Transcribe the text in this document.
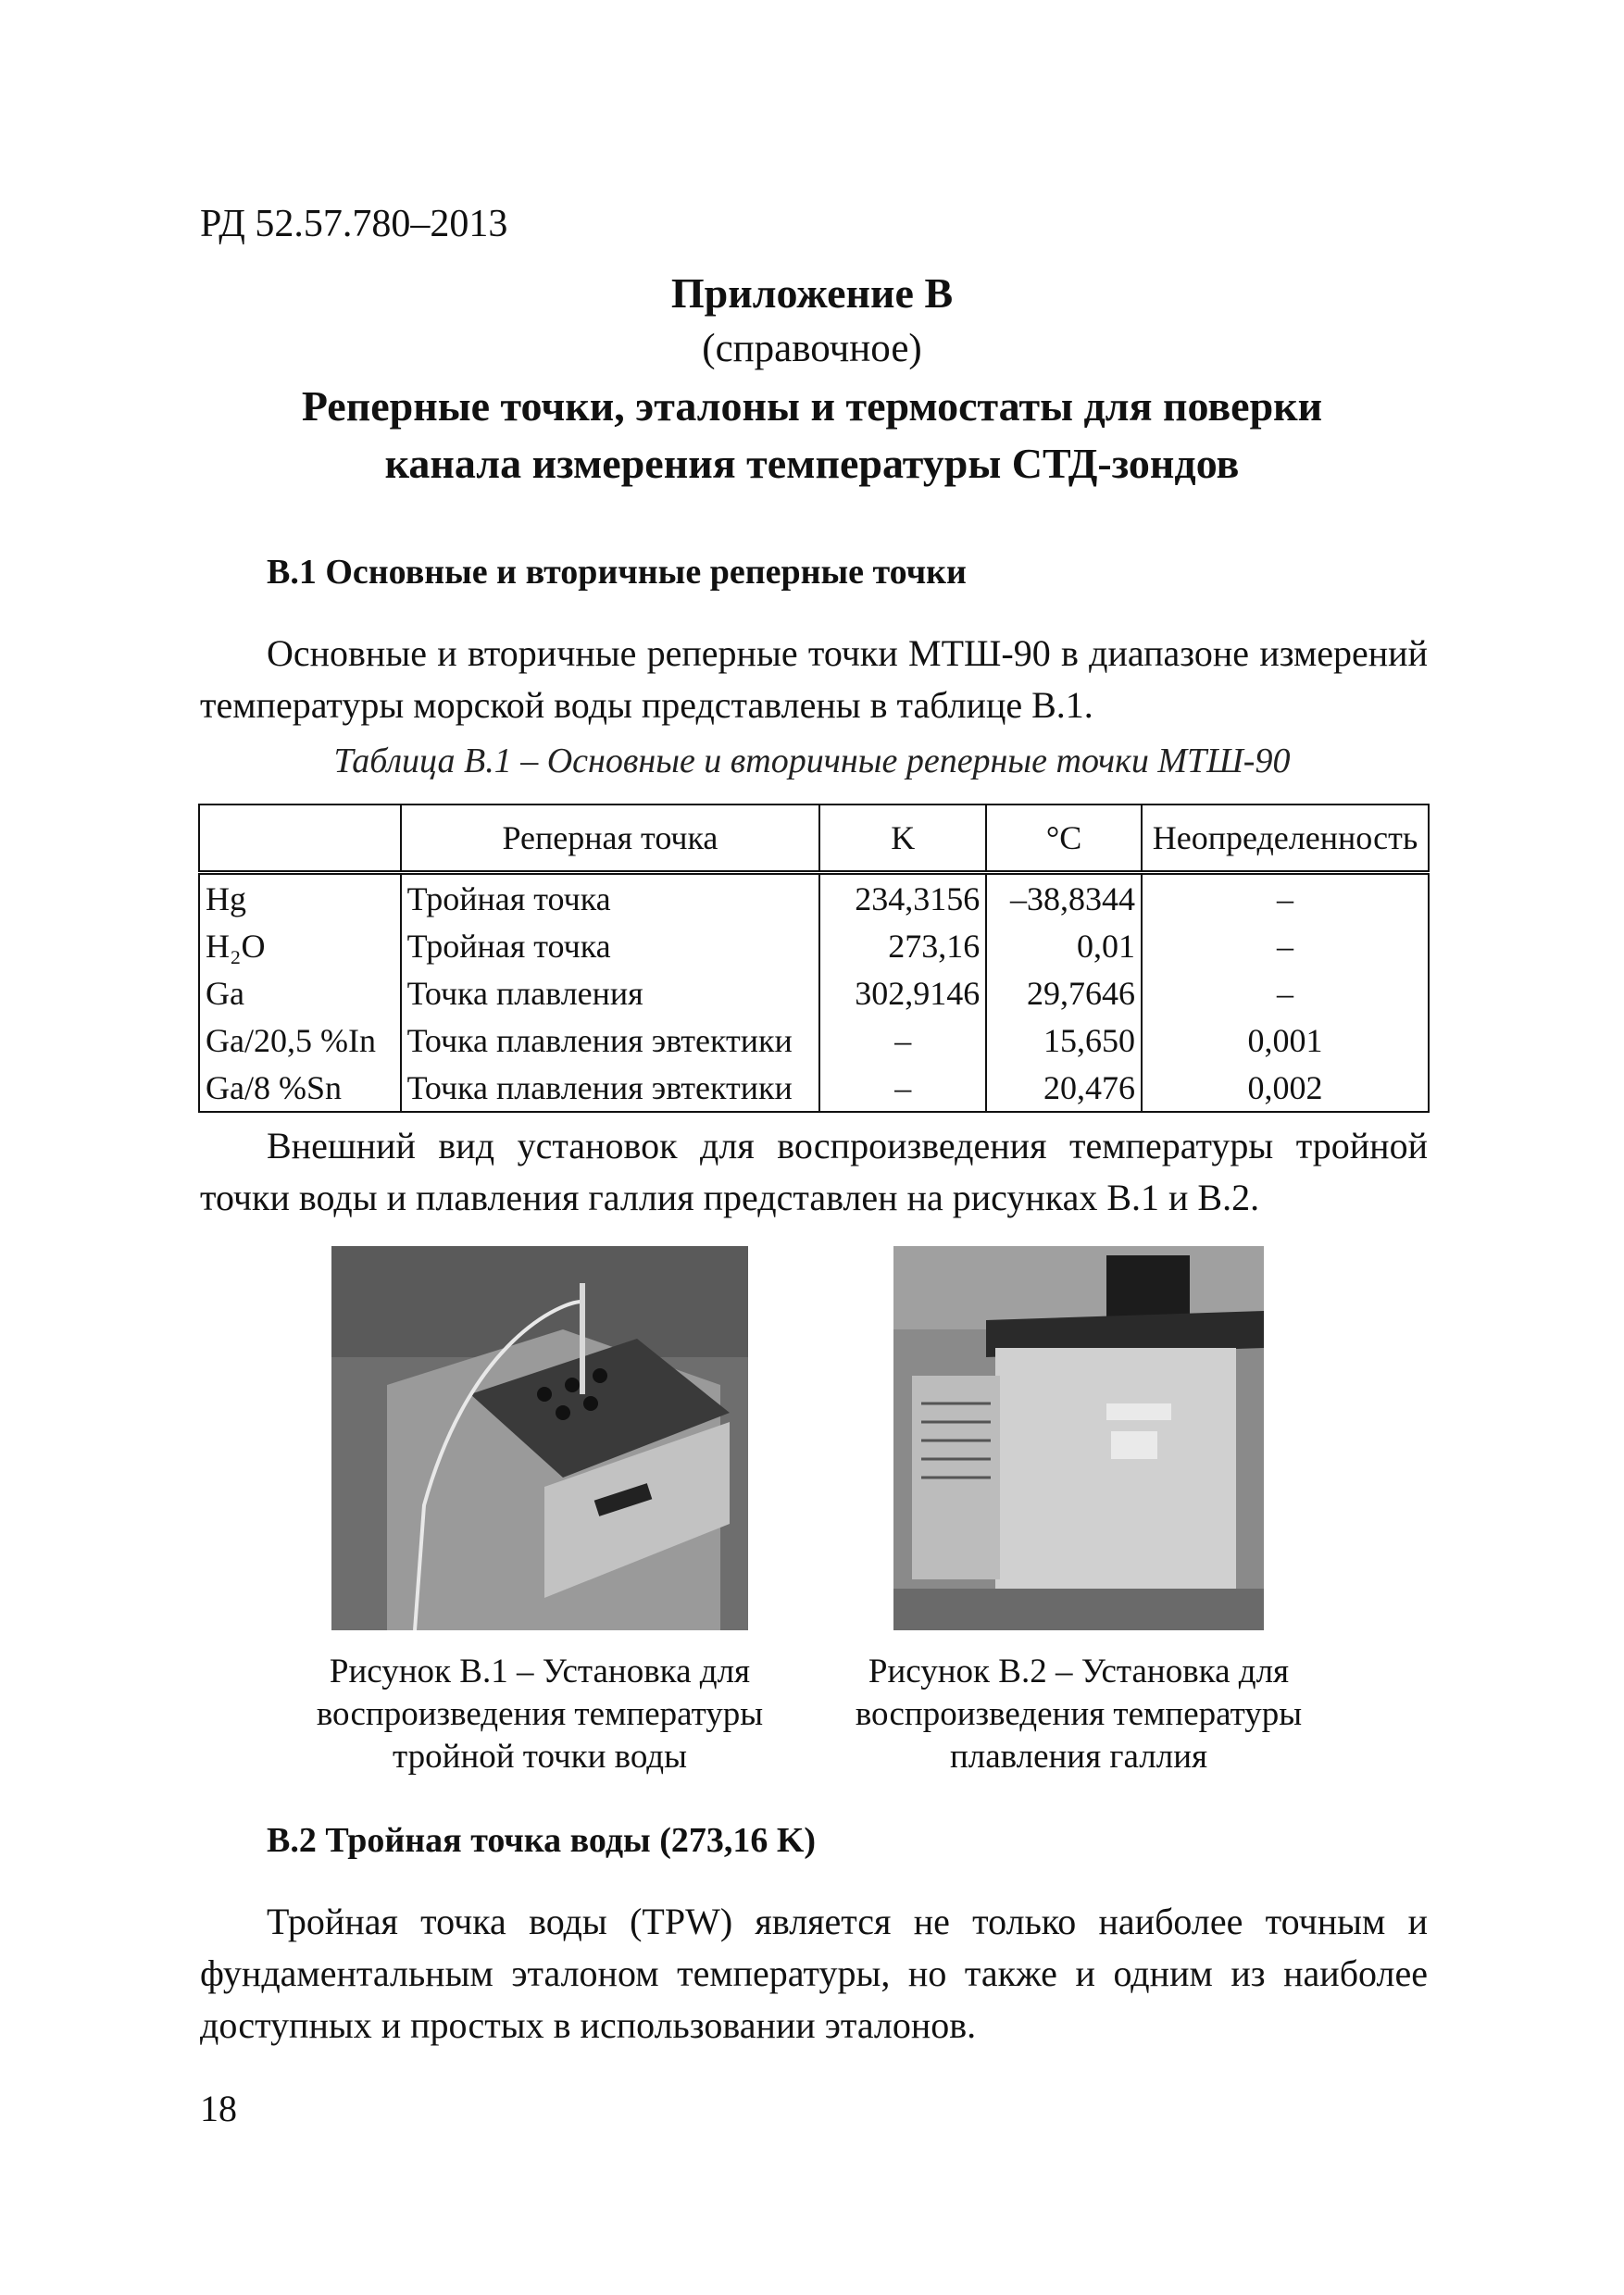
РД 52.57.780–2013
Приложение В
(справочное)
Реперные точки, эталоны и термостаты для поверки
канала измерения температуры СТД-зондов
В.1 Основные и вторичные реперные точки
Основные и вторичные реперные точки МТШ-90 в диапазоне измерений температуры морской воды представлены в таблице В.1.
Таблица В.1 – Основные и вторичные реперные точки МТШ-90
	Реперная точка	K	°C	Неопределенность
Hg	Тройная точка	234,3156	–38,8344	–
H₂O	Тройная точка	273,16	0,01	–
Ga	Точка плавления	302,9146	29,7646	–
Ga/20,5 %In	Точка плавления эвтектики	–	15,650	0,001
Ga/8 %Sn	Точка плавления эвтектики	–	20,476	0,002
Внешний вид установок для воспроизведения температуры тройной точки воды и плавления галлия представлен на рисунках В.1 и В.2.
Рисунок В.1 – Установка для
воспроизведения температуры
тройной точки воды
Рисунок В.2 – Установка для
воспроизведения температуры
плавления галлия
В.2 Тройная точка воды (273,16 K)
Тройная точка воды (TPW) является не только наиболее точным и фундаментальным эталоном температуры, но также и одним из наиболее доступных и простых в использовании эталонов.
18
